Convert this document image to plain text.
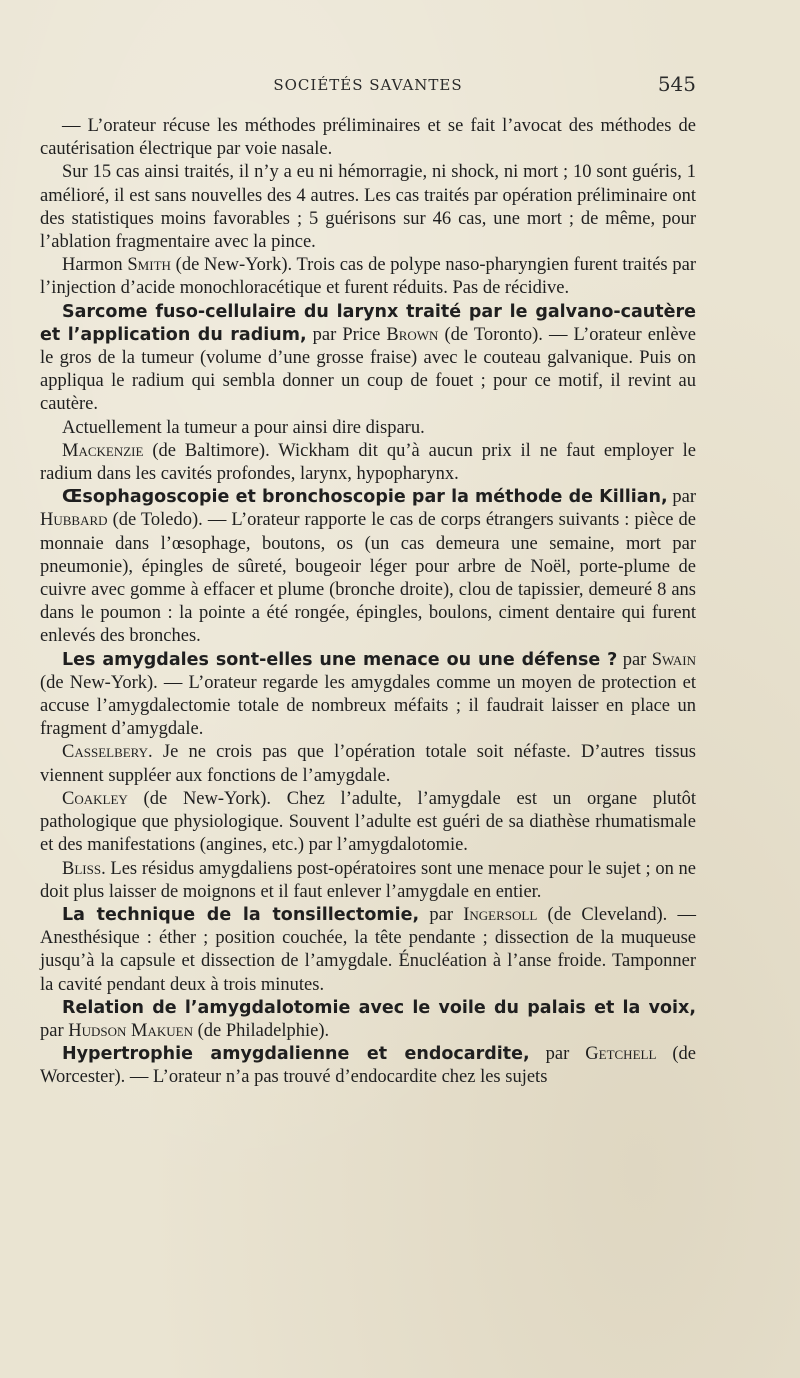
SOCIÉTÉS SAVANTES	545

— L’orateur récuse les méthodes préliminaires et se fait l’avocat des méthodes de cautérisation électrique par voie nasale.

Sur 15 cas ainsi traités, il n’y a eu ni hémorragie, ni shock, ni mort ; 10 sont guéris, 1 amélioré, il est sans nouvelles des 4 autres. Les cas traités par opération préliminaire ont des statistiques moins favorables ; 5 guérisons sur 46 cas, une mort ; de même, pour l’ablation fragmentaire avec la pince.

Harmon Smith (de New-York). Trois cas de polype naso-pharyngien furent traités par l’injection d’acide monochloracétique et furent réduits. Pas de récidive.

Sarcome fuso-cellulaire du larynx traité par le galvano-cautère et l’application du radium, par Price Brown (de Toronto). — L’orateur enlève le gros de la tumeur (volume d’une grosse fraise) avec le couteau galvanique. Puis on appliqua le radium qui sembla donner un coup de fouet ; pour ce motif, il revint au cautère.

Actuellement la tumeur a pour ainsi dire disparu.

Mackenzie (de Baltimore). Wickham dit qu’à aucun prix il ne faut employer le radium dans les cavités profondes, larynx, hypopharynx.

Œsophagoscopie et bronchoscopie par la méthode de Killian, par Hubbard (de Toledo). — L’orateur rapporte le cas de corps étrangers suivants : pièce de monnaie dans l’œsophage, boutons, os (un cas demeura une semaine, mort par pneumonie), épingles de sûreté, bougeoir léger pour arbre de Noël, porte-plume de cuivre avec gomme à effacer et plume (bronche droite), clou de tapissier, demeuré 8 ans dans le poumon : la pointe a été rongée, épingles, boulons, ciment dentaire qui furent enlevés des bronches.

Les amygdales sont-elles une menace ou une défense ? par Swain (de New-York). — L’orateur regarde les amygdales comme un moyen de protection et accuse l’amygdalectomie totale de nombreux méfaits ; il faudrait laisser en place un fragment d’amygdale.

Casselbery. Je ne crois pas que l’opération totale soit néfaste. D’autres tissus viennent suppléer aux fonctions de l’amygdale.

Coakley (de New-York). Chez l’adulte, l’amygdale est un organe plutôt pathologique que physiologique. Souvent l’adulte est guéri de sa diathèse rhumatismale et des manifestations (angines, etc.) par l’amygdalotomie.

Bliss. Les résidus amygdaliens post-opératoires sont une menace pour le sujet ; on ne doit plus laisser de moignons et il faut enlever l’amygdale en entier.

La technique de la tonsillectomie, par Ingersoll (de Cleveland). — Anesthésique : éther ; position couchée, la tête pendante ; dissection de la muqueuse jusqu’à la capsule et dissection de l’amygdale. Énucléation à l’anse froide. Tamponner la cavité pendant deux à trois minutes.

Relation de l’amygdalotomie avec le voile du palais et la voix, par Hudson Makuen (de Philadelphie).

Hypertrophie amygdalienne et endocardite, par Getchell (de Worcester). — L’orateur n’a pas trouvé d’endocardite chez les sujets
